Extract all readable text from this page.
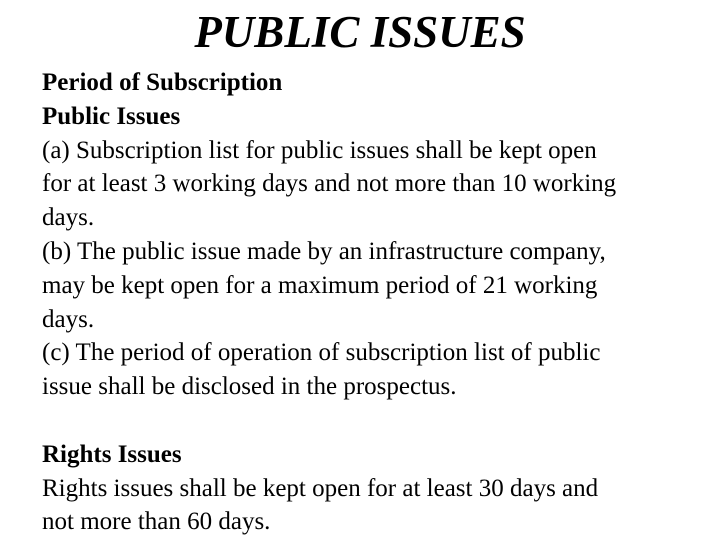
PUBLIC ISSUES
Period of Subscription
Public Issues
(a) Subscription list for public issues shall be kept open
for at least 3 working days and not more than 10 working
days.
(b) The public issue made by an infrastructure company,
may be kept open for a maximum period of 21 working
days.
(c) The period of operation of subscription list of public
issue shall be disclosed in the prospectus.
Rights Issues
Rights issues shall be kept open for at least 30 days and
not more than 60 days.
